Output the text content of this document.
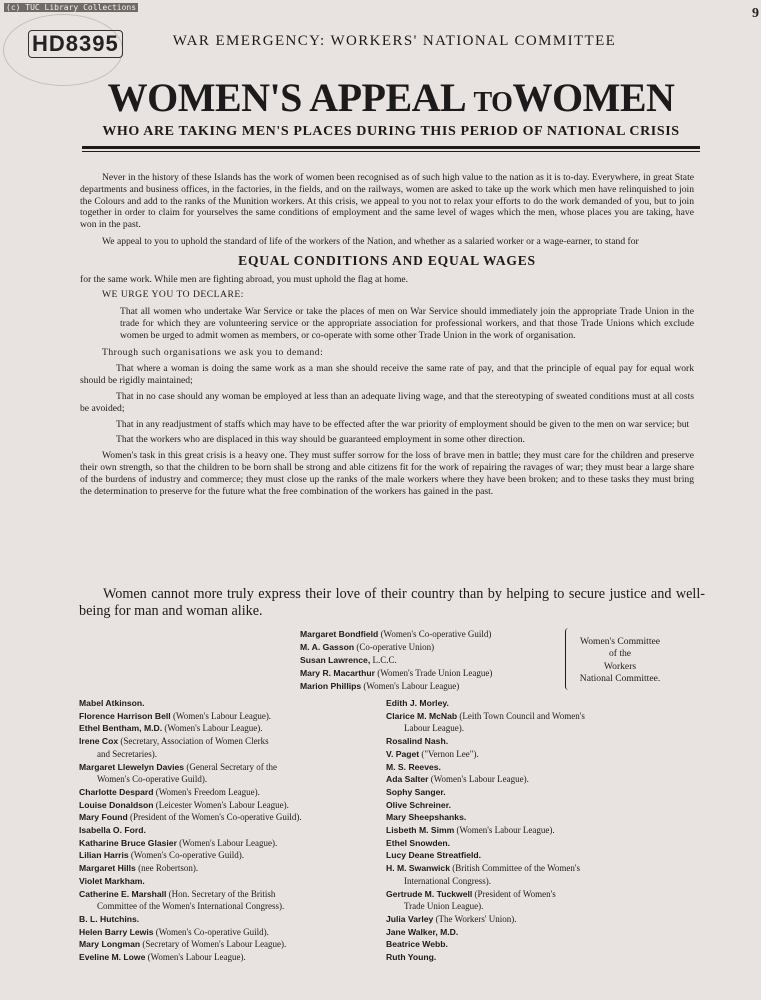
(c) TUC Library Collections
HD8395
9
WAR EMERGENCY: WORKERS' NATIONAL COMMITTEE
WOMEN'S APPEAL TOWOMEN
WHO ARE TAKING MEN'S PLACES DURING THIS PERIOD OF NATIONAL CRISIS

Never in the history of these Islands has the work of women been recognised as of such high value to the nation as it is to-day. Everywhere, in great State departments and business offices, in the factories, in the fields, and on the railways, women are asked to take up the work which men have relinquished to join the Colours and add to the ranks of the Munition workers. At this crisis, we appeal to you not to relax your efforts to do the work demanded of you, but to join together in order to claim for yourselves the same conditions of employment and the same level of wages which the men, whose places you are taking, have won in the past.

We appeal to you to uphold the standard of life of the workers of the Nation, and whether as a salaried worker or a wage-earner, to stand for

EQUAL CONDITIONS AND EQUAL WAGES

for the same work. While men are fighting abroad, you must uphold the flag at home.

WE URGE YOU TO DECLARE:

That all women who undertake War Service or take the places of men on War Service should immediately join the appropriate Trade Union in the trade for which they are volunteering service or the appropriate association for professional workers, and that those Trade Unions which exclude women be urged to admit women as members, or co-operate with some other Trade Union in the work of organisation.

Through such organisations we ask you to demand:

That where a woman is doing the same work as a man she should receive the same rate of pay, and that the principle of equal pay for equal work should be rigidly maintained;

That in no case should any woman be employed at less than an adequate living wage, and that the stereotyping of sweated conditions must at all costs be avoided;

That in any readjustment of staffs which may have to be effected after the war priority of employment should be given to the men on war service; but

That the workers who are displaced in this way should be guaranteed employment in some other direction.

Women's task in this great crisis is a heavy one. They must suffer sorrow for the loss of brave men in battle; they must care for the children and preserve their own strength, so that the children to be born shall be strong and able citizens fit for the work of repairing the ravages of war; they must bear a large share of the burdens of industry and commerce; they must close up the ranks of the male workers where they have been broken; and to these tasks they must bring the determination to preserve for the future what the free combination of the workers has gained in the past.

Women cannot more truly express their love of their country than by helping to secure justice and well-being for man and woman alike.

Margaret Bondfield (Women's Co-operative Guild)
M. A. Gasson (Co-operative Union)
Susan Lawrence, L.C.C.
Mary R. Macarthur (Women's Trade Union League)
Marion Phillips (Women's Labour League)
Women's Committee
of the
Workers
National Committee.
Mabel Atkinson.
Florence Harrison Bell (Women's Labour League).
Ethel Bentham, M.D. (Women's Labour League).
Irene Cox (Secretary, Association of Women Clerks
and Secretaries).
Margaret Llewelyn Davies (General Secretary of the
Women's Co-operative Guild).
Charlotte Despard (Women's Freedom League).
Louise Donaldson (Leicester Women's Labour League).
Mary Found (President of the Women's Co-operative Guild).
Isabella O. Ford.
Katharine Bruce Glasier (Women's Labour League).
Lilian Harris (Women's Co-operative Guild).
Margaret Hills (nee Robertson).
Violet Markham.
Catherine E. Marshall (Hon. Secretary of the British
Committee of the Women's International Congress).
B. L. Hutchins.
Helen Barry Lewis (Women's Co-operative Guild).
Mary Longman (Secretary of Women's Labour League).
Eveline M. Lowe (Women's Labour League).
Edith J. Morley.
Clarice M. McNab (Leith Town Council and Women's
Labour League).
Rosalind Nash.
V. Paget ("Vernon Lee").
M. S. Reeves.
Ada Salter (Women's Labour League).
Sophy Sanger.
Olive Schreiner.
Mary Sheepshanks.
Lisbeth M. Simm (Women's Labour League).
Ethel Snowden.
Lucy Deane Streatfield.
H. M. Swanwick (British Committee of the Women's
International Congress).
Gertrude M. Tuckwell (President of Women's
Trade Union League).
Julia Varley (The Workers' Union).
Jane Walker, M.D.
Beatrice Webb.
Ruth Young.
